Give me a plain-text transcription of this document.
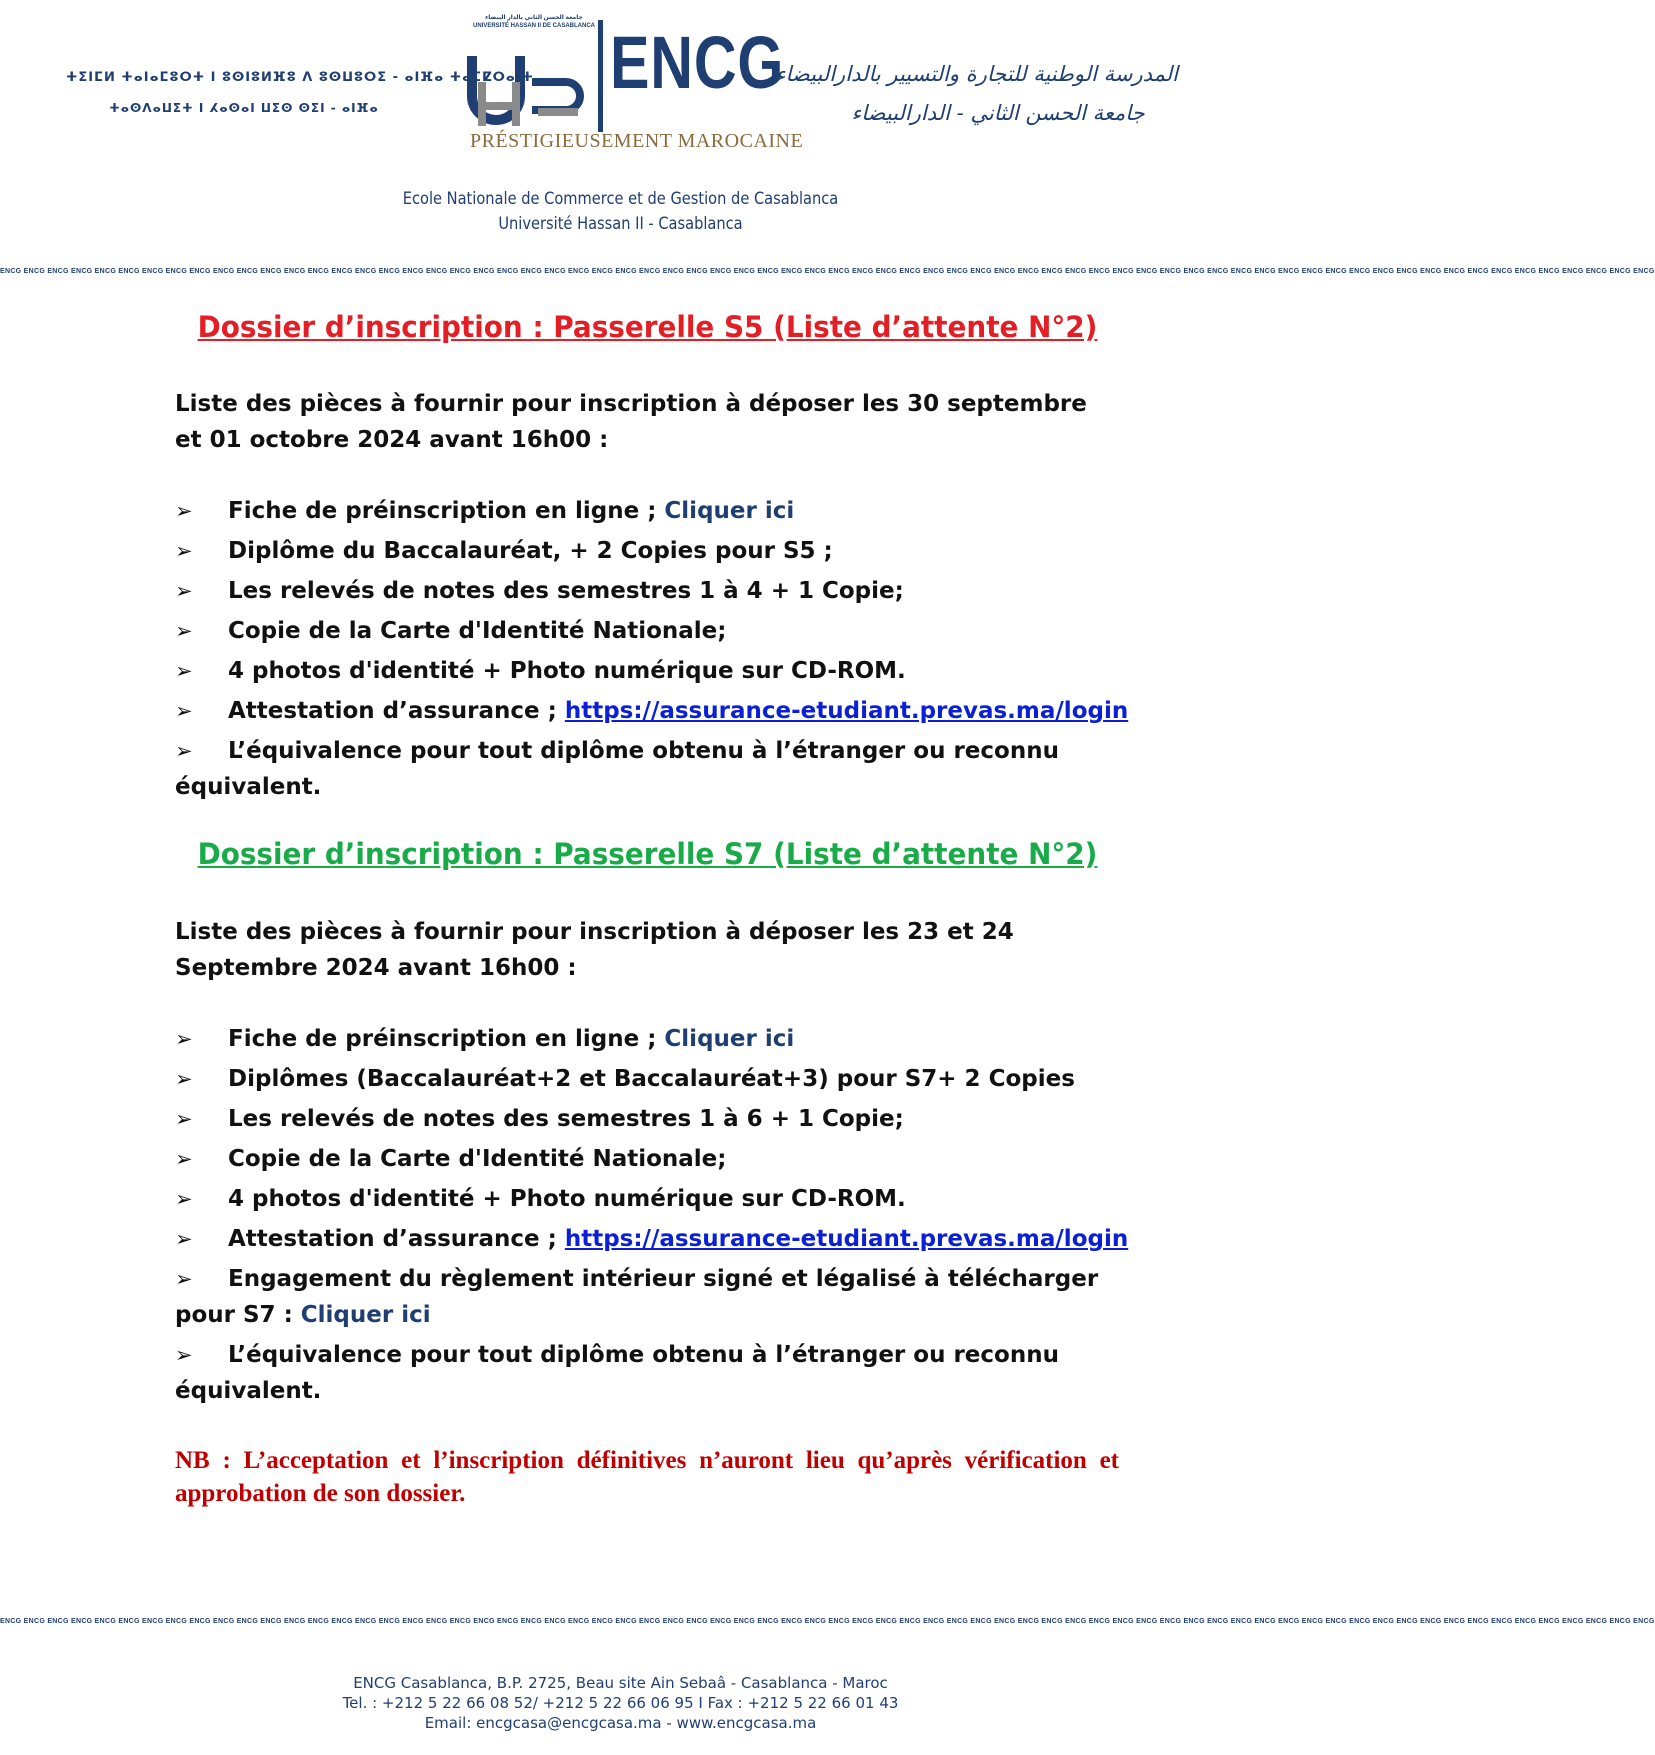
ⵜⵉⵏⵎⵍ ⵜⴰⵏⴰⵎⵓⵔⵜ ⵏ ⵓⵙⵏⵓⵍⴼⵓ ⴷ ⵓⵙⵡⵓⵔⵉ - ⴰⵏⴼⴰ ⵜⴰⵎⵇⵔⴰⵏⵜ
ⵜⴰⵙⴷⴰⵡⵉⵜ ⵏ ⵃⴰⵙⴰⵏ ⵡⵉⵙ ⵙⵉⵏ - ⴰⵏⴼⴰ
جامعة الحسن الثاني بالدار البيضاء UNIVERSITÉ HASSAN II DE CASABLANCA ENCG
PRÉSTIGIEUSEMENT MAROCAINE
المدرسة الوطنية للتجارة والتسيير بالدارالبيضاء
جامعة الحسن الثاني - الدارالبيضاء
Ecole Nationale de Commerce et de Gestion de Casablanca
Université Hassan II - Casablanca
ENCG ENCG ENCG ENCG ENCG ENCG ENCG ENCG ENCG ENCG ENCG ENCG ENCG ENCG ENCG ENCG ENCG ENCG ENCG ENCG ENCG ENCG ENCG ENCG ENCG ENCG ENCG ENCG ENCG ENCG ENCG ENCG ENCG ENCG ENCG ENCG ENCG ENCG ENCG ENCG ENCG ENCG ENCG ENCG ENCG ENCG ENCG ENCG ENCG ENCG ENCG ENCG ENCG ENCG ENCG ENCG ENCG ENCG ENCG ENCG ENCG ENCG ENCG ENCG ENCG ENCG ENCG ENCG ENCG ENCG
Dossier d’inscription : Passerelle S5 (Liste d’attente N°2)
Liste des pièces à fournir pour inscription à déposer les 30 septembre et 01 octobre 2024 avant 16h00 :
➢ Fiche de préinscription en ligne ; Cliquer ici
➢ Diplôme du Baccalauréat, + 2 Copies pour S5 ;
➢ Les relevés de notes des semestres 1 à 4 + 1 Copie;
➢ Copie de la Carte d'Identité Nationale;
➢ 4 photos d'identité + Photo numérique sur CD-ROM.
➢ Attestation d’assurance ; https://assurance-etudiant.prevas.ma/login
➢ L’équivalence pour tout diplôme obtenu à l’étranger ou reconnu équivalent.
Dossier d’inscription : Passerelle S7 (Liste d’attente N°2)
Liste des pièces à fournir pour inscription à déposer les 23 et 24 Septembre 2024 avant 16h00 :
➢ Fiche de préinscription en ligne ; Cliquer ici
➢ Diplômes (Baccalauréat+2 et Baccalauréat+3) pour S7+ 2 Copies
➢ Les relevés de notes des semestres 1 à 6 + 1 Copie;
➢ Copie de la Carte d'Identité Nationale;
➢ 4 photos d'identité + Photo numérique sur CD-ROM.
➢ Attestation d’assurance ; https://assurance-etudiant.prevas.ma/login
➢ Engagement du règlement intérieur signé et légalisé à télécharger pour S7 : Cliquer ici
➢ L’équivalence pour tout diplôme obtenu à l’étranger ou reconnu équivalent.
NB : L’acceptation et l’inscription définitives n’auront lieu qu’après vérification et approbation de son dossier.
ENCG ENCG ENCG ENCG ENCG ENCG ENCG ENCG ENCG ENCG ENCG ENCG ENCG ENCG ENCG ENCG ENCG ENCG ENCG ENCG ENCG ENCG ENCG ENCG ENCG ENCG ENCG ENCG ENCG ENCG ENCG ENCG ENCG ENCG ENCG ENCG ENCG ENCG ENCG ENCG ENCG ENCG ENCG ENCG ENCG ENCG ENCG ENCG ENCG ENCG ENCG ENCG ENCG ENCG ENCG ENCG ENCG ENCG ENCG ENCG ENCG ENCG ENCG ENCG ENCG ENCG ENCG ENCG ENCG ENCG
ENCG Casablanca, B.P. 2725, Beau site Ain Sebaâ - Casablanca - Maroc
Tel. : +212 5 22 66 08 52/ +212 5 22 66 06 95 I Fax : +212 5 22 66 01 43
Email: encgcasa@encgcasa.ma - www.encgcasa.ma
